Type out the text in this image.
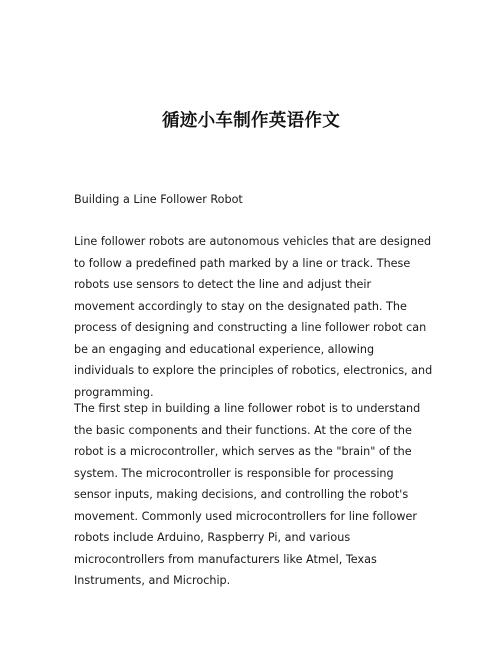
循迹小车制作英语作文
Building a Line Follower Robot

Line follower robots are autonomous vehicles that are designed to follow a predefined path marked by a line or track. These robots use sensors to detect the line and adjust their movement accordingly to stay on the designated path. The process of designing and constructing a line follower robot can be an engaging and educational experience, allowing individuals to explore the principles of robotics, electronics, and programming.

The first step in building a line follower robot is to understand the basic components and their functions. At the core of the robot is a microcontroller, which serves as the "brain" of the system. The microcontroller is responsible for processing sensor inputs, making decisions, and controlling the robot's movement. Commonly used microcontrollers for line follower robots include Arduino, Raspberry Pi, and various microcontrollers from manufacturers like Atmel, Texas Instruments, and Microchip.
